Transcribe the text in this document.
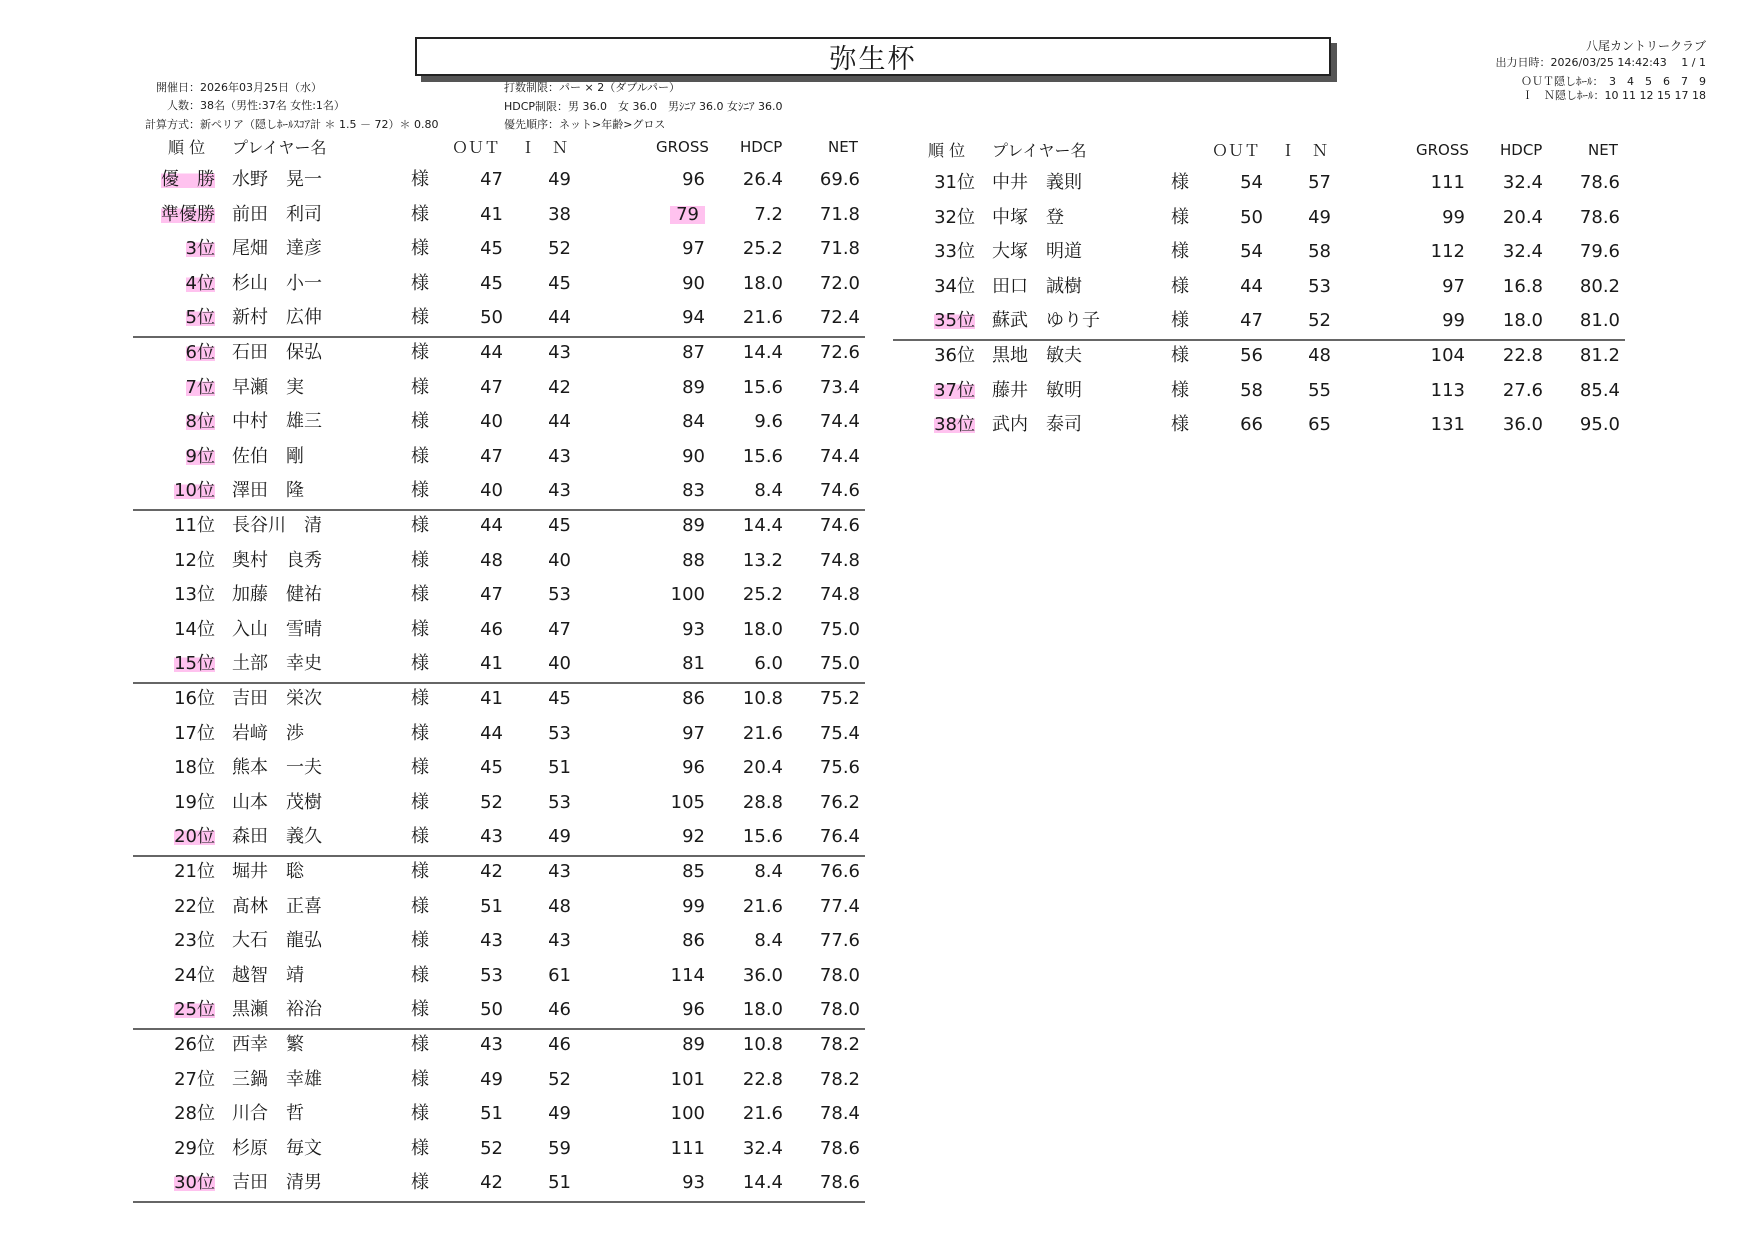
弥生杯	八尾カントリークラブ
出力日時：2026/03/25 14:42:43　 1 / 1
ＯＵＴ隠しﾎｰﾙ：　3　4　5　6　7　9
Ｉ　Ｎ隠しﾎｰﾙ：10 11 12 15 17 18
開催日：2026年03月25日（水）
人数：38名（男性:37名 女性:1名）
計算方式：新ペリア（隠しﾎｰﾙｽｺｱ計 ＊ 1.5 － 72）＊ 0.80
打数制限：パー × 2（ダブルパー）
HDCP制限：男 36.0　女 36.0　男ｼﾆｱ 36.0 女ｼﾆｱ 36.0
優先順序：ネット>年齢>グロス
順 位 プレイヤー名	ＯＵＴ Ｉ　Ｎ	GROSS HDCP	NET	順 位 プレイヤー名	ＯＵＴ Ｉ　Ｎ	GROSS HDCP	NET
優　勝 水野　晃一	様	47	49	96 26.4 69.6
準優勝 前田　利司	様	41	38	79	7.2 71.8
3位 尾畑　達彦	様	45	52	97 25.2 71.8
4位 杉山　小一	様	45	45	90 18.0 72.0
5位 新村　広伸	様	50	44	94 21.6 72.4
6位 石田　保弘	様	44	43	87 14.4 72.6
7位 早瀬　実	様	47	42	89 15.6 73.4
8位 中村　雄三	様	40	44	84	9.6 74.4
9位 佐伯　剛	様	47	43	90 15.6 74.4
10位 澤田　隆	様	40	43	83	8.4 74.6
11位 長谷川　清	様	44	45	89 14.4 74.6
12位 奥村　良秀	様	48	40	88 13.2 74.8
13位 加藤　健祐	様	47	53	100 25.2 74.8
14位 入山　雪晴	様	46	47	93 18.0 75.0
15位 土部　幸史	様	41	40	81	6.0 75.0
16位 吉田　栄次	様	41	45	86 10.8 75.2
17位 岩﨑　渉	様	44	53	97 21.6 75.4
18位 熊本　一夫	様	45	51	96 20.4 75.6
19位 山本　茂樹	様	52	53	105 28.8 76.2
20位 森田　義久	様	43	49	92 15.6 76.4
21位 堀井　聡	様	42	43	85	8.4 76.6
22位 髙林　正喜	様	51	48	99 21.6 77.4
23位 大石　龍弘	様	43	43	86	8.4 77.6
24位 越智　靖	様	53	61	114 36.0 78.0
25位 黒瀬　裕治	様	50	46	96 18.0 78.0
26位 西幸　繁	様	43	46	89 10.8 78.2
27位 三鍋　幸雄	様	49	52	101 22.8 78.2
28位 川合　哲	様	51	49	100 21.6 78.4
29位 杉原　毎文	様	52	59	111 32.4 78.6
30位 吉田　清男	様	42	51	93 14.4 78.6
31位 中井　義則	様	54	57	111 32.4 78.6
32位 中塚　登	様	50	49	99 20.4 78.6
33位 大塚　明道	様	54	58	112 32.4 79.6
34位 田口　誠樹	様	44	53	97 16.8 80.2
35位 蘇武　ゆり子	様	47	52	99 18.0 81.0
36位 黒地　敏夫	様	56	48	104 22.8 81.2
37位 藤井　敏明	様	58	55	113 27.6 85.4
38位 武内　泰司	様	66	65	131 36.0 95.0
